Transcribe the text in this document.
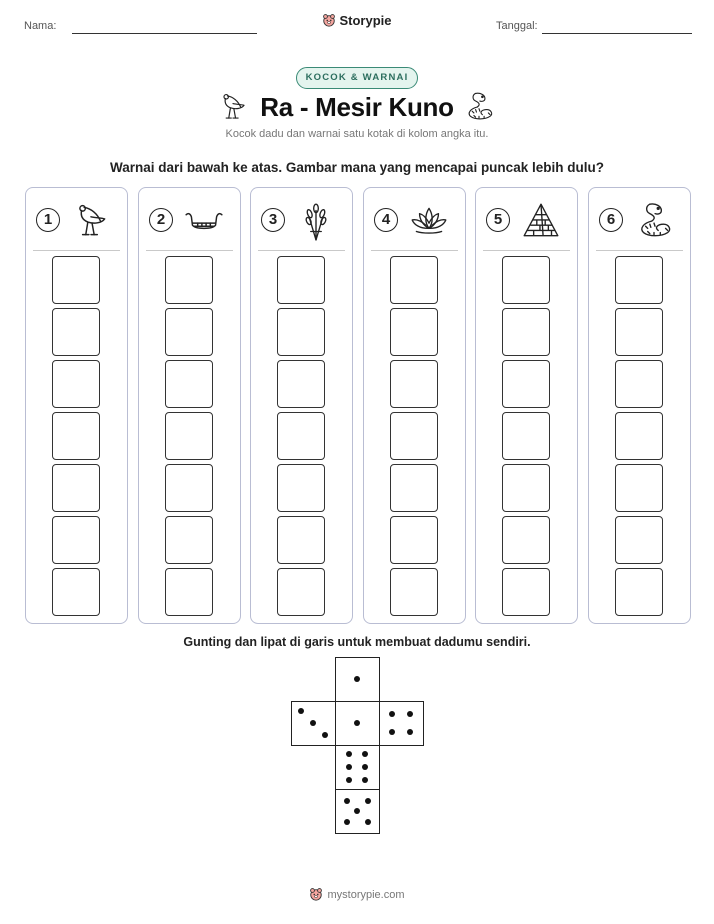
Nama:	Storypie	Tanggal:
KOCOK & WARNAI
Ra - Mesir Kuno
Kocok dadu dan warnai satu kotak di kolom angka itu.
Warnai dari bawah ke atas. Gambar mana yang mencapai puncak lebih dulu?
1	2	3	4	5	6
Gunting dan lipat di garis untuk membuat dadumu sendiri.
mystorypie.com
